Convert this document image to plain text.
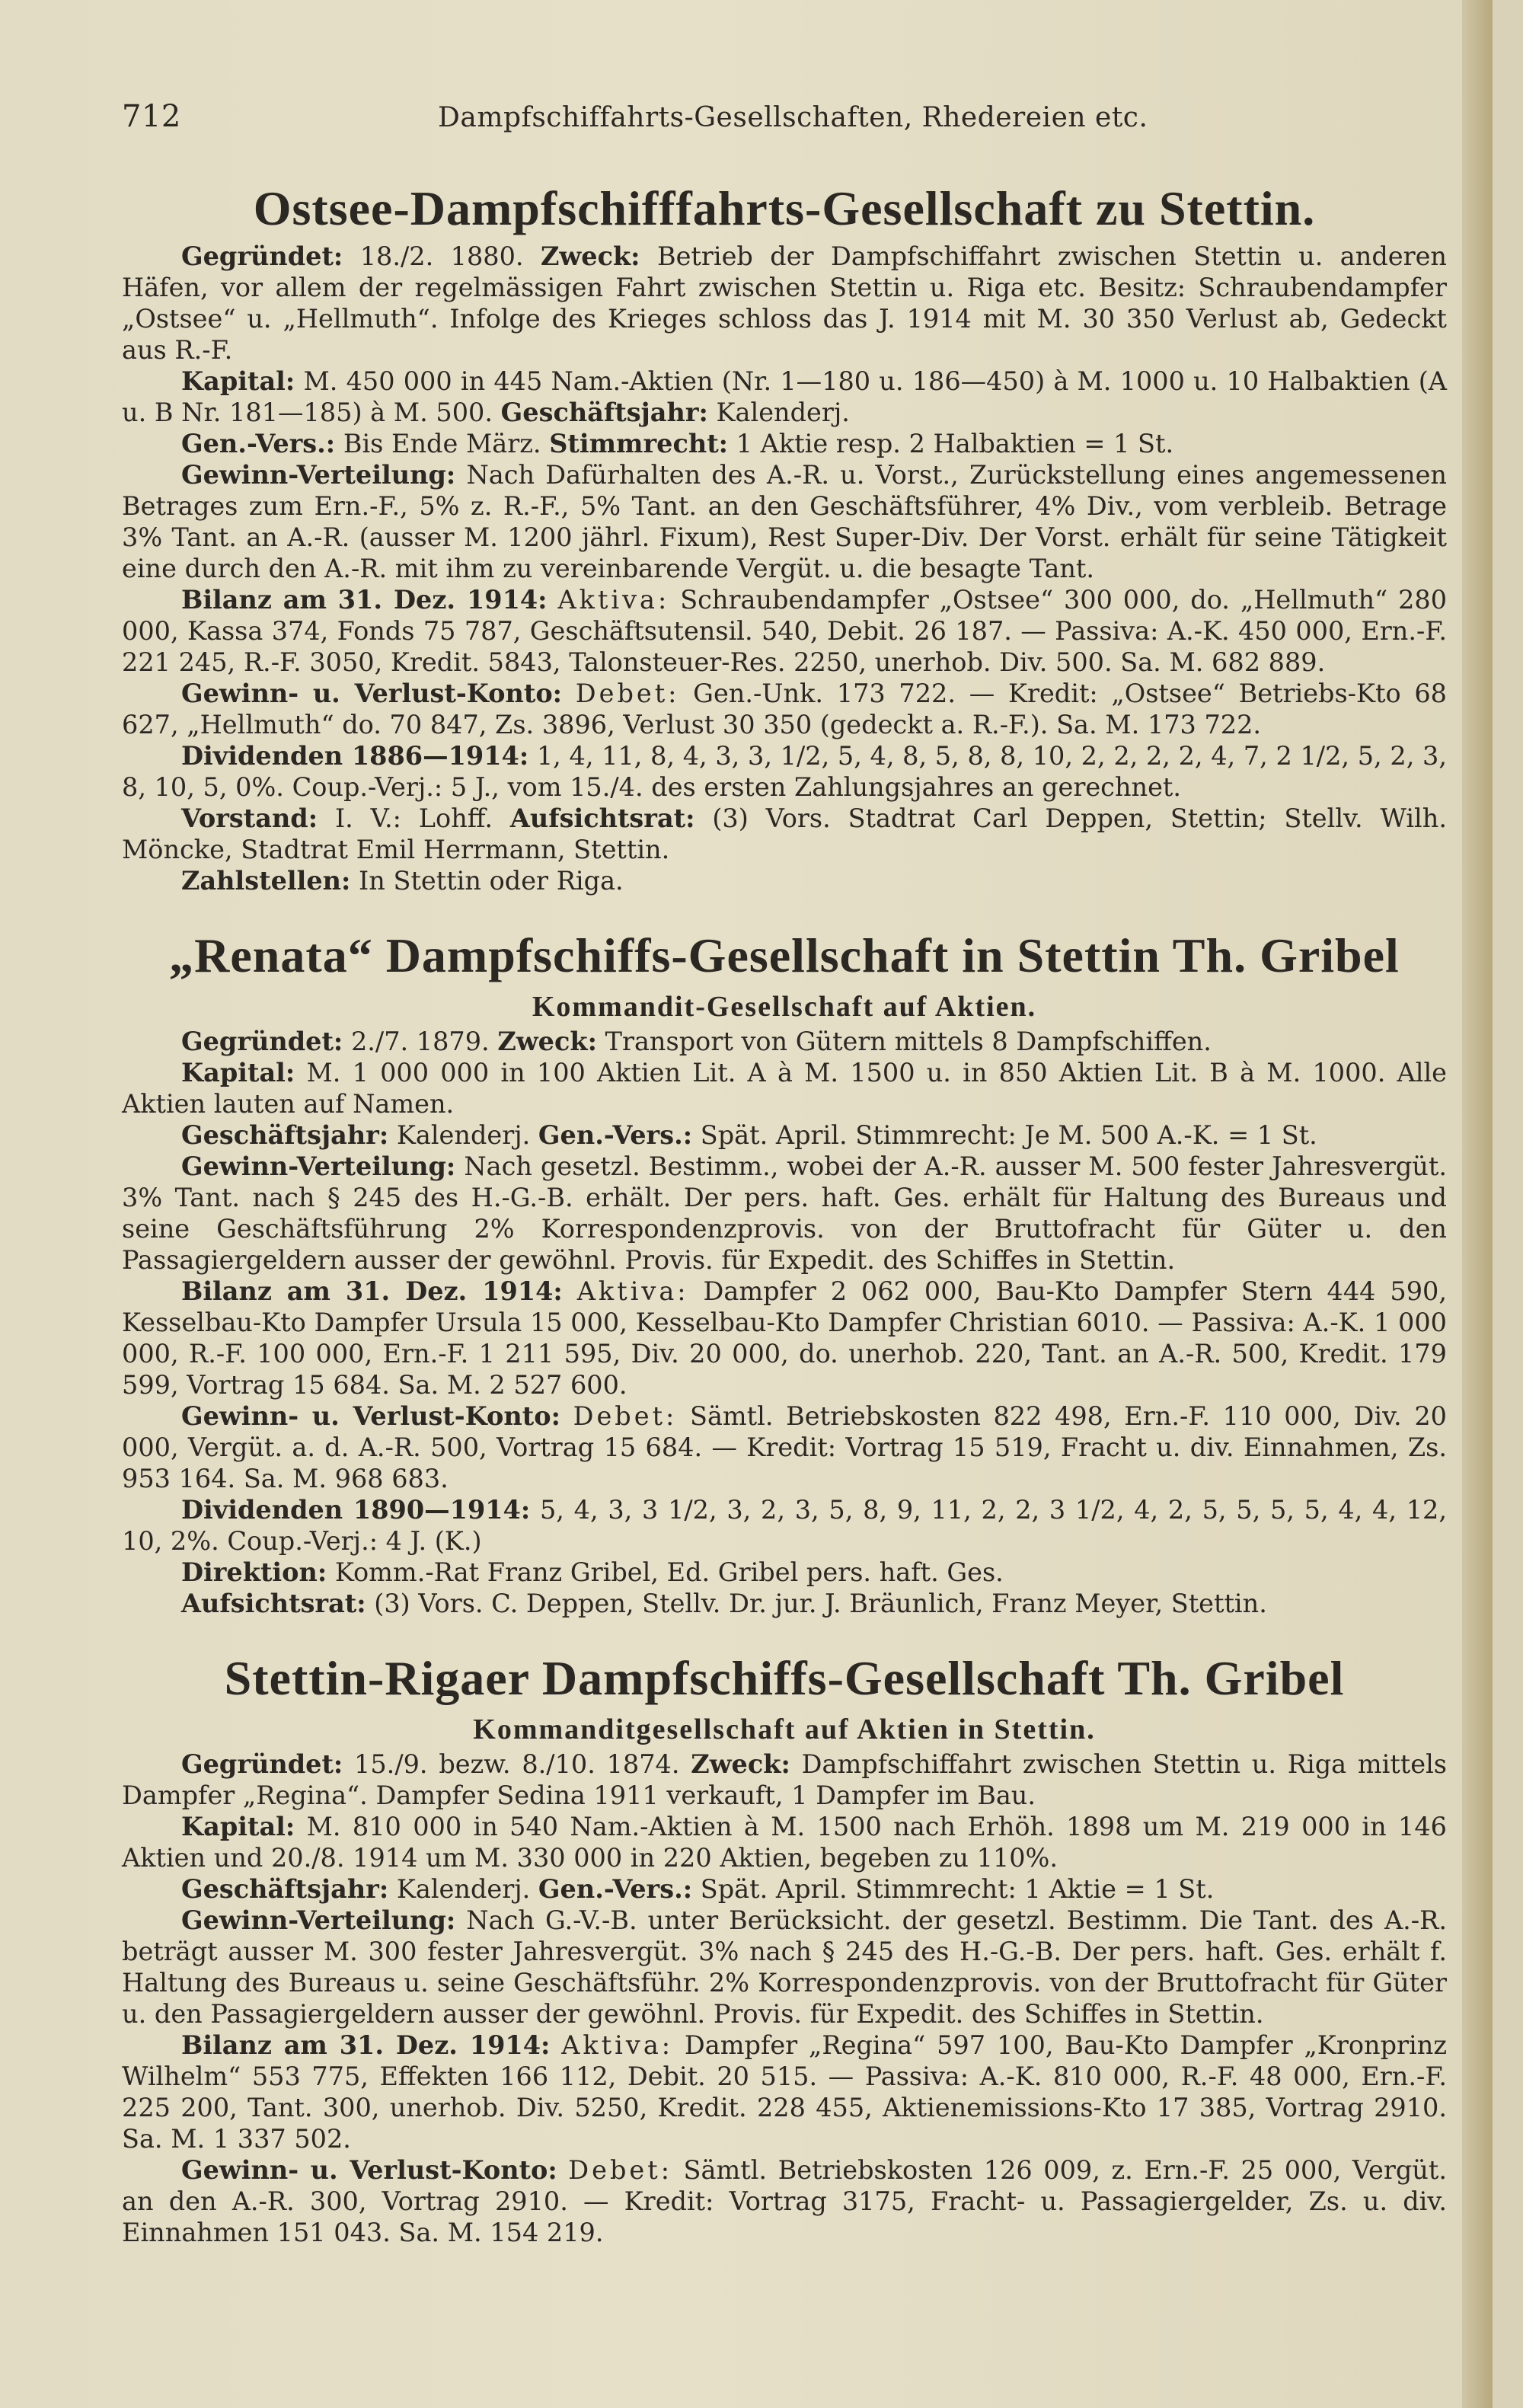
712	Dampfschiffahrts-Gesellschaften, Rhedereien etc.
Ostsee-Dampfschifffahrts-Gesellschaft zu Stettin.

Gegründet: 18./2. 1880. Zweck: Betrieb der Dampfschiffahrt zwischen Stettin u. anderen Häfen, vor allem der regelmässigen Fahrt zwischen Stettin u. Riga etc. Besitz: Schraubendampfer „Ostsee“ u. „Hellmuth“. Infolge des Krieges schloss das J. 1914 mit M. 30 350 Verlust ab, Gedeckt aus R.-F.

Kapital: M. 450 000 in 445 Nam.-Aktien (Nr. 1—180 u. 186—450) à M. 1000 u. 10 Halbaktien (A u. B Nr. 181—185) à M. 500. Geschäftsjahr: Kalenderj.

Gen.-Vers.: Bis Ende März. Stimmrecht: 1 Aktie resp. 2 Halbaktien = 1 St.

Gewinn-Verteilung: Nach Dafürhalten des A.-R. u. Vorst., Zurückstellung eines angemessenen Betrages zum Ern.-F., 5% z. R.-F., 5% Tant. an den Geschäftsführer, 4% Div., vom verbleib. Betrage 3% Tant. an A.-R. (ausser M. 1200 jährl. Fixum), Rest Super-Div. Der Vorst. erhält für seine Tätigkeit eine durch den A.-R. mit ihm zu vereinbarende Vergüt. u. die besagte Tant.

Bilanz am 31. Dez. 1914: Aktiva: Schraubendampfer „Ostsee“ 300 000, do. „Hellmuth“ 280 000, Kassa 374, Fonds 75 787, Geschäftsutensil. 540, Debit. 26 187. — Passiva: A.-K. 450 000, Ern.-F. 221 245, R.-F. 3050, Kredit. 5843, Talonsteuer-Res. 2250, unerhob. Div. 500. Sa. M. 682 889.

Gewinn- u. Verlust-Konto: Debet: Gen.-Unk. 173 722. — Kredit: „Ostsee“ Betriebs-Kto 68 627, „Hellmuth“ do. 70 847, Zs. 3896, Verlust 30 350 (gedeckt a. R.-F.). Sa. M. 173 722.

Dividenden 1886—1914: 1, 4, 11, 8, 4, 3, 3, 1/2, 5, 4, 8, 5, 8, 8, 10, 2, 2, 2, 2, 4, 7, 2 1/2, 5, 2, 3, 8, 10, 5, 0%. Coup.-Verj.: 5 J., vom 15./4. des ersten Zahlungsjahres an gerechnet.

Vorstand: I. V.: Lohff. Aufsichtsrat: (3) Vors. Stadtrat Carl Deppen, Stettin; Stellv. Wilh. Möncke, Stadtrat Emil Herrmann, Stettin.

Zahlstellen: In Stettin oder Riga.

„Renata“ Dampfschiffs-Gesellschaft in Stettin Th. Gribel
Kommandit-Gesellschaft auf Aktien.

Gegründet: 2./7. 1879. Zweck: Transport von Gütern mittels 8 Dampfschiffen.

Kapital: M. 1 000 000 in 100 Aktien Lit. A à M. 1500 u. in 850 Aktien Lit. B à M. 1000. Alle Aktien lauten auf Namen.

Geschäftsjahr: Kalenderj. Gen.-Vers.: Spät. April. Stimmrecht: Je M. 500 A.-K. = 1 St.

Gewinn-Verteilung: Nach gesetzl. Bestimm., wobei der A.-R. ausser M. 500 fester Jahresvergüt. 3% Tant. nach § 245 des H.-G.-B. erhält. Der pers. haft. Ges. erhält für Haltung des Bureaus und seine Geschäftsführung 2% Korrespondenzprovis. von der Bruttofracht für Güter u. den Passagiergeldern ausser der gewöhnl. Provis. für Expedit. des Schiffes in Stettin.

Bilanz am 31. Dez. 1914: Aktiva: Dampfer 2 062 000, Bau-Kto Dampfer Stern 444 590, Kesselbau-Kto Dampfer Ursula 15 000, Kesselbau-Kto Dampfer Christian 6010. — Passiva: A.-K. 1 000 000, R.-F. 100 000, Ern.-F. 1 211 595, Div. 20 000, do. unerhob. 220, Tant. an A.-R. 500, Kredit. 179 599, Vortrag 15 684. Sa. M. 2 527 600.

Gewinn- u. Verlust-Konto: Debet: Sämtl. Betriebskosten 822 498, Ern.-F. 110 000, Div. 20 000, Vergüt. a. d. A.-R. 500, Vortrag 15 684. — Kredit: Vortrag 15 519, Fracht u. div. Einnahmen, Zs. 953 164. Sa. M. 968 683.

Dividenden 1890—1914: 5, 4, 3, 3 1/2, 3, 2, 3, 5, 8, 9, 11, 2, 2, 3 1/2, 4, 2, 5, 5, 5, 5, 4, 4, 12, 10, 2%. Coup.-Verj.: 4 J. (K.)

Direktion: Komm.-Rat Franz Gribel, Ed. Gribel pers. haft. Ges.

Aufsichtsrat: (3) Vors. C. Deppen, Stellv. Dr. jur. J. Bräunlich, Franz Meyer, Stettin.

Stettin-Rigaer Dampfschiffs-Gesellschaft Th. Gribel
Kommanditgesellschaft auf Aktien in Stettin.

Gegründet: 15./9. bezw. 8./10. 1874. Zweck: Dampfschiffahrt zwischen Stettin u. Riga mittels Dampfer „Regina“. Dampfer Sedina 1911 verkauft, 1 Dampfer im Bau.

Kapital: M. 810 000 in 540 Nam.-Aktien à M. 1500 nach Erhöh. 1898 um M. 219 000 in 146 Aktien und 20./8. 1914 um M. 330 000 in 220 Aktien, begeben zu 110%.

Geschäftsjahr: Kalenderj. Gen.-Vers.: Spät. April. Stimmrecht: 1 Aktie = 1 St.

Gewinn-Verteilung: Nach G.-V.-B. unter Berücksicht. der gesetzl. Bestimm. Die Tant. des A.-R. beträgt ausser M. 300 fester Jahresvergüt. 3% nach § 245 des H.-G.-B. Der pers. haft. Ges. erhält f. Haltung des Bureaus u. seine Geschäftsführ. 2% Korrespondenzprovis. von der Bruttofracht für Güter u. den Passagiergeldern ausser der gewöhnl. Provis. für Expedit. des Schiffes in Stettin.

Bilanz am 31. Dez. 1914: Aktiva: Dampfer „Regina“ 597 100, Bau-Kto Dampfer „Kronprinz Wilhelm“ 553 775, Effekten 166 112, Debit. 20 515. — Passiva: A.-K. 810 000, R.-F. 48 000, Ern.-F. 225 200, Tant. 300, unerhob. Div. 5250, Kredit. 228 455, Aktienemissions-Kto 17 385, Vortrag 2910. Sa. M. 1 337 502.

Gewinn- u. Verlust-Konto: Debet: Sämtl. Betriebskosten 126 009, z. Ern.-F. 25 000, Vergüt. an den A.-R. 300, Vortrag 2910. — Kredit: Vortrag 3175, Fracht- u. Passagiergelder, Zs. u. div. Einnahmen 151 043. Sa. M. 154 219.
